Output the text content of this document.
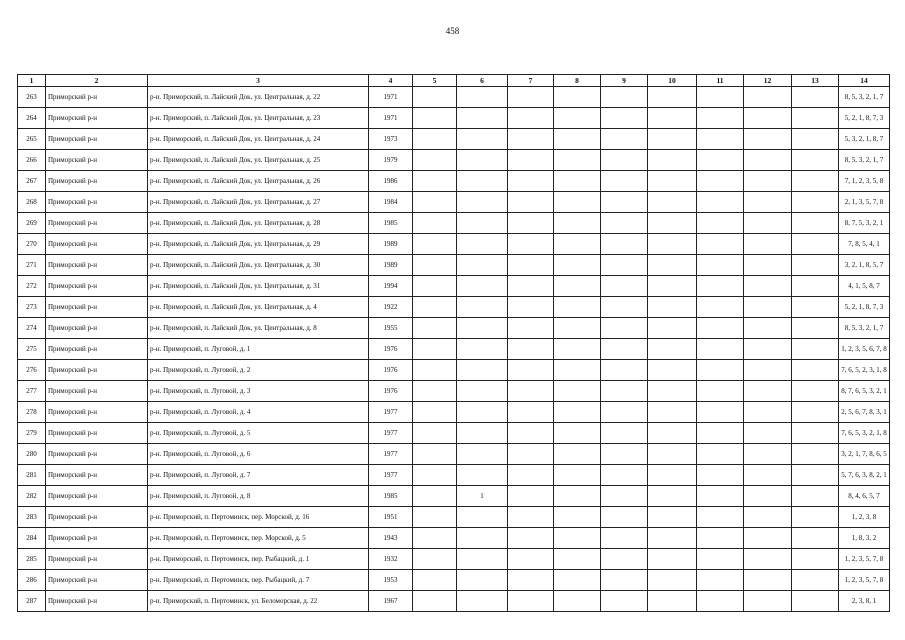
458
1	2	3	4	5	6	7	8	9	10	11	12	13	14
263	Приморский р-н	р-н. Приморский, п. Лайский Док, ул. Центральная, д. 22	1971										8, 5, 3, 2, 1, 7
264	Приморский р-н	р-н. Приморский, п. Лайский Док, ул. Центральная, д. 23	1971										5, 2, 1, 8, 7, 3
265	Приморский р-н	р-н. Приморский, п. Лайский Док, ул. Центральная, д. 24	1973										5, 3, 2, 1, 8, 7
266	Приморский р-н	р-н. Приморский, п. Лайский Док, ул. Центральная, д. 25	1979										8, 5, 3, 2, 1, 7
267	Приморский р-н	р-н. Приморский, п. Лайский Док, ул. Центральная, д. 26	1986										7, 1, 2, 3, 5, 8
268	Приморский р-н	р-н. Приморский, п. Лайский Док, ул. Центральная, д. 27	1984										2, 1, 3, 5, 7, 8
269	Приморский р-н	р-н. Приморский, п. Лайский Док, ул. Центральная, д. 28	1985										8, 7, 5, 3, 2, 1
270	Приморский р-н	р-н. Приморский, п. Лайский Док, ул. Центральная, д. 29	1989										7, 8, 5, 4, 1
271	Приморский р-н	р-н. Приморский, п. Лайский Док, ул. Центральная, д. 30	1989										3, 2, 1, 8, 5, 7
272	Приморский р-н	р-н. Приморский, п. Лайский Док, ул. Центральная, д. 31	1994										4, 1, 5, 8, 7
273	Приморский р-н	р-н. Приморский, п. Лайский Док, ул. Центральная, д. 4	1922										5, 2, 1, 8, 7, 3
274	Приморский р-н	р-н. Приморский, п. Лайский Док, ул. Центральная, д. 8	1955										8, 5, 3, 2, 1, 7
275	Приморский р-н	р-н. Приморский, п. Луговой, д. 1	1976										1, 2, 3, 5, 6, 7, 8
276	Приморский р-н	р-н. Приморский, п. Луговой, д. 2	1976										7, 6, 5, 2, 3, 1, 8
277	Приморский р-н	р-н. Приморский, п. Луговой, д. 3	1976										8, 7, 6, 5, 3, 2, 1
278	Приморский р-н	р-н. Приморский, п. Луговой, д. 4	1977										2, 5, 6, 7, 8, 3, 1
279	Приморский р-н	р-н. Приморский, п. Луговой, д. 5	1977										7, 6, 5, 3, 2, 1, 8
280	Приморский р-н	р-н. Приморский, п. Луговой, д. 6	1977										3, 2, 1, 7, 8, 6, 5
281	Приморский р-н	р-н. Приморский, п. Луговой, д. 7	1977										5, 7, 6, 3, 8, 2, 1
282	Приморский р-н	р-н. Приморский, п. Луговой, д. 8	1985		1								8, 4, 6, 5, 7
283	Приморский р-н	р-н. Приморский, п. Пертоминск, пер. Морской, д. 16	1951										1, 2, 3, 8
284	Приморский р-н	р-н. Приморский, п. Пертоминск, пер. Морской, д. 5	1943										1, 8, 3, 2
285	Приморский р-н	р-н. Приморский, п. Пертоминск, пер. Рыбацкий, д. 1	1932										1, 2, 3, 5, 7, 8
286	Приморский р-н	р-н. Приморский, п. Пертоминск, пер. Рыбацкий, д. 7	1953										1, 2, 3, 5, 7, 8
287	Приморский р-н	р-н. Приморский, п. Пертоминск, ул. Беломорская, д. 22	1967										2, 3, 8, 1
